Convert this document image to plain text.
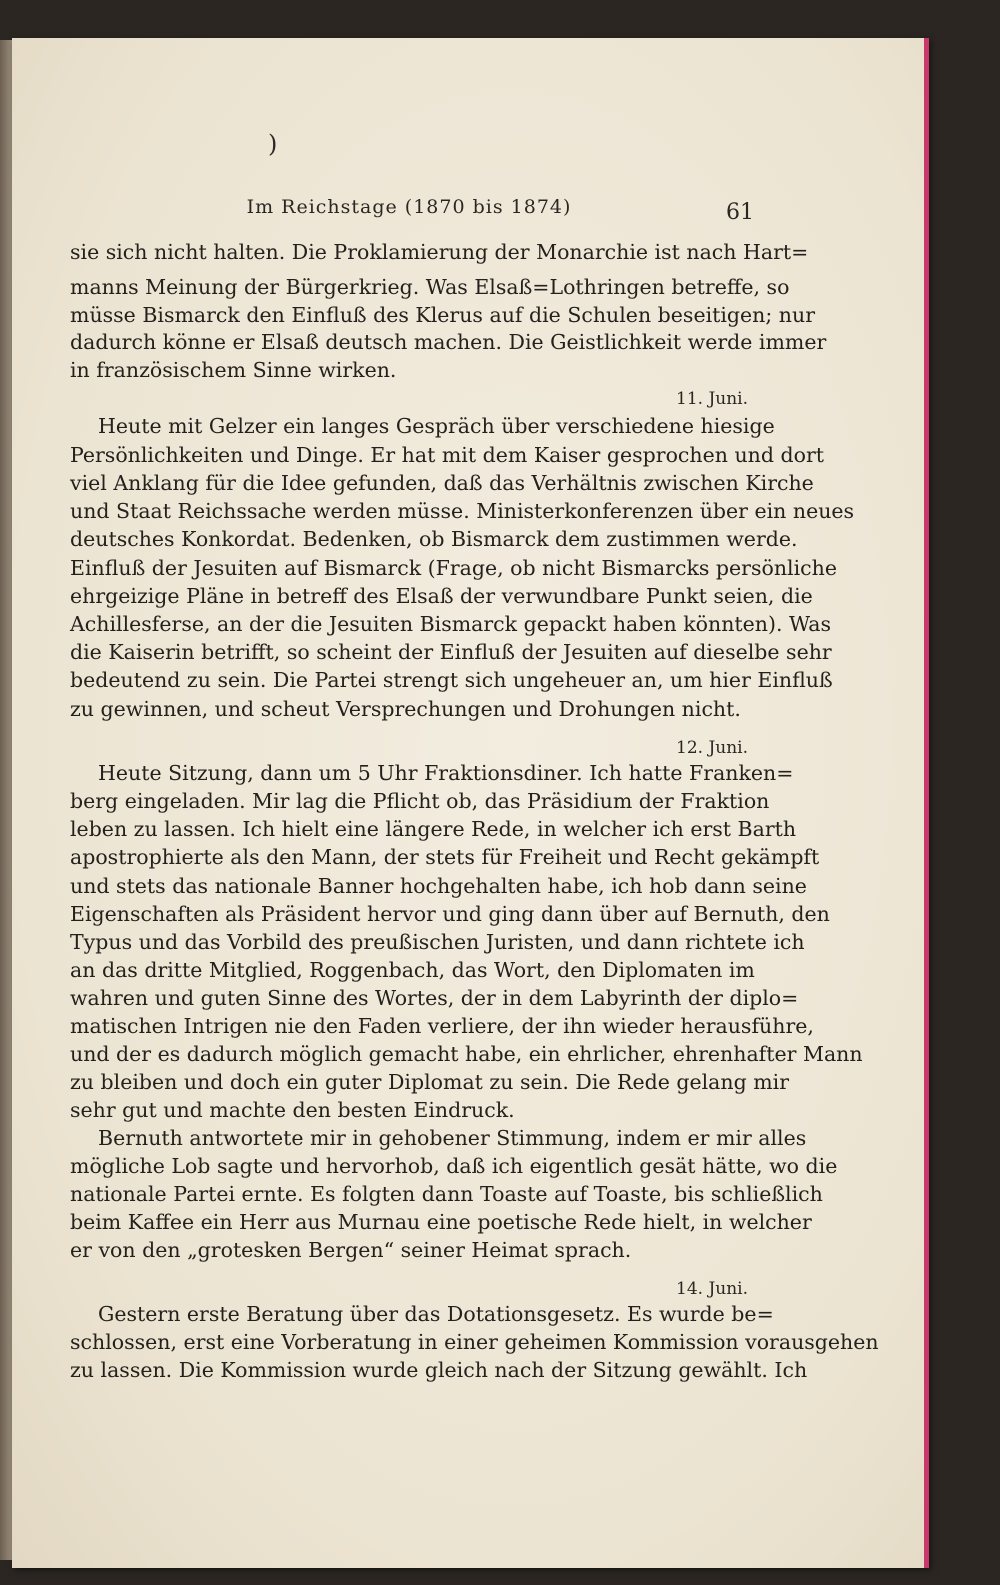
)
Im Reichstage (1870 bis 1874)	61
sie sich nicht halten. Die Proklamierung der Monarchie ist nach Hart=
manns Meinung der Bürgerkrieg. Was Elsaß=Lothringen betreffe, so
müsse Bismarck den Einfluß des Klerus auf die Schulen beseitigen; nur
dadurch könne er Elsaß deutsch machen. Die Geistlichkeit werde immer
in französischem Sinne wirken.
11. Juni.
Heute mit Gelzer ein langes Gespräch über verschiedene hiesige
Persönlichkeiten und Dinge. Er hat mit dem Kaiser gesprochen und dort
viel Anklang für die Idee gefunden, daß das Verhältnis zwischen Kirche
und Staat Reichssache werden müsse. Ministerkonferenzen über ein neues
deutsches Konkordat. Bedenken, ob Bismarck dem zustimmen werde.
Einfluß der Jesuiten auf Bismarck (Frage, ob nicht Bismarcks persönliche
ehrgeizige Pläne in betreff des Elsaß der verwundbare Punkt seien, die
Achillesferse, an der die Jesuiten Bismarck gepackt haben könnten). Was
die Kaiserin betrifft, so scheint der Einfluß der Jesuiten auf dieselbe sehr
bedeutend zu sein. Die Partei strengt sich ungeheuer an, um hier Einfluß
zu gewinnen, und scheut Versprechungen und Drohungen nicht.
12. Juni.
Heute Sitzung, dann um 5 Uhr Fraktionsdiner. Ich hatte Franken=
berg eingeladen. Mir lag die Pflicht ob, das Präsidium der Fraktion
leben zu lassen. Ich hielt eine längere Rede, in welcher ich erst Barth
apostrophierte als den Mann, der stets für Freiheit und Recht gekämpft
und stets das nationale Banner hochgehalten habe, ich hob dann seine
Eigenschaften als Präsident hervor und ging dann über auf Bernuth, den
Typus und das Vorbild des preußischen Juristen, und dann richtete ich
an das dritte Mitglied, Roggenbach, das Wort, den Diplomaten im
wahren und guten Sinne des Wortes, der in dem Labyrinth der diplo=
matischen Intrigen nie den Faden verliere, der ihn wieder herausführe,
und der es dadurch möglich gemacht habe, ein ehrlicher, ehrenhafter Mann
zu bleiben und doch ein guter Diplomat zu sein. Die Rede gelang mir
sehr gut und machte den besten Eindruck.
Bernuth antwortete mir in gehobener Stimmung, indem er mir alles
mögliche Lob sagte und hervorhob, daß ich eigentlich gesät hätte, wo die
nationale Partei ernte. Es folgten dann Toaste auf Toaste, bis schließlich
beim Kaffee ein Herr aus Murnau eine poetische Rede hielt, in welcher
er von den „grotesken Bergen“ seiner Heimat sprach.
14. Juni.
Gestern erste Beratung über das Dotationsgesetz. Es wurde be=
schlossen, erst eine Vorberatung in einer geheimen Kommission vorausgehen
zu lassen. Die Kommission wurde gleich nach der Sitzung gewählt. Ich
